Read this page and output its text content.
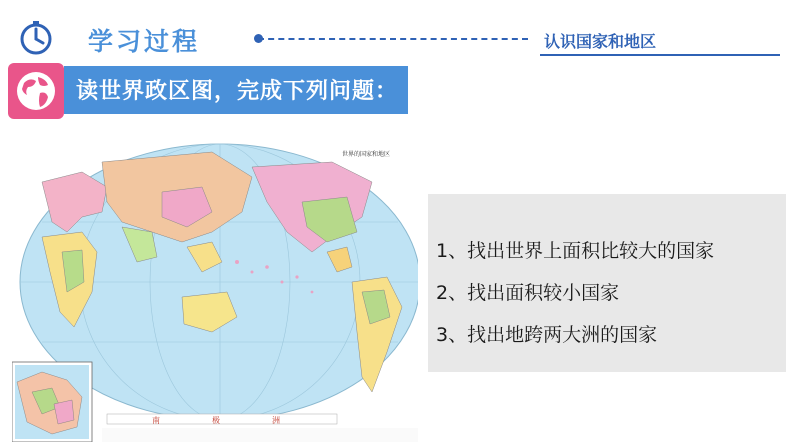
学习过程	认识国家和地区
读世界政区图，完成下列问题：
南	极	洲
世界的国家和地区
1、找出世界上面积比较大的国家
2、找出面积较小国家
3、找出地跨两大洲的国家
